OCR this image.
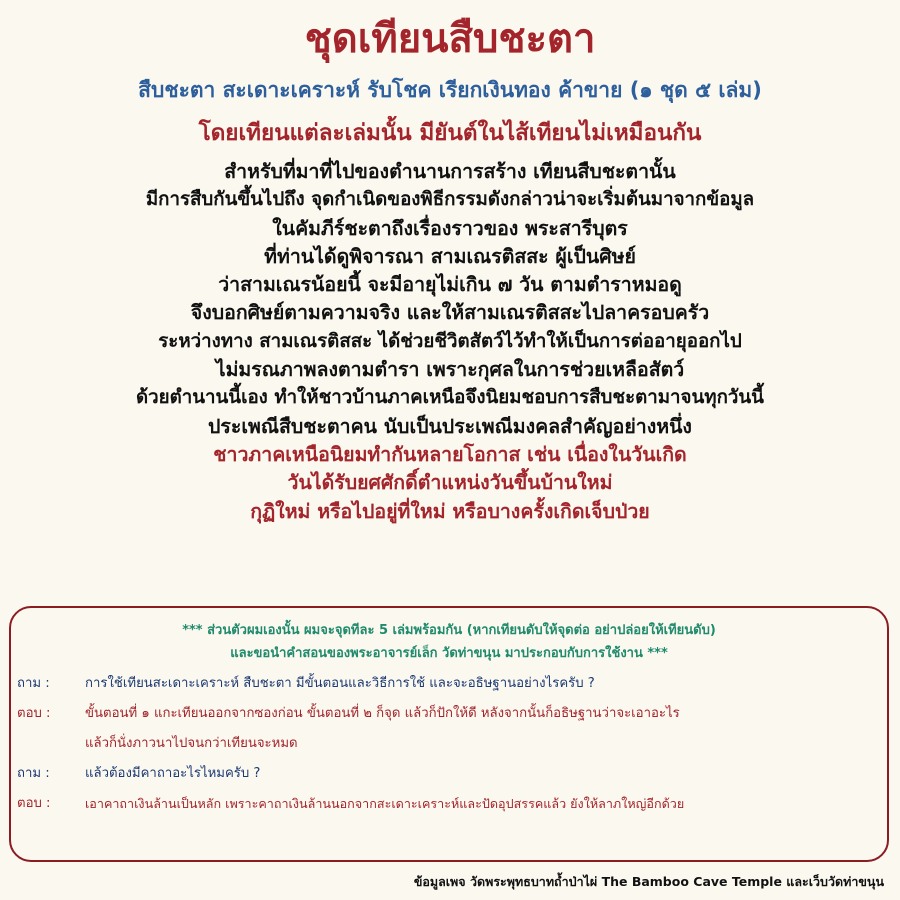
ชุดเทียนสืบชะตา
สืบชะตา สะเดาะเคราะห์ รับโชค เรียกเงินทอง ค้าขาย (๑ ชุด ๕ เล่ม)
โดยเทียนแต่ละเล่มนั้น มียันต์ในไส้เทียนไม่เหมือนกัน
สำหรับที่มาที่ไปของตำนานการสร้าง เทียนสืบชะตานั้น
มีการสืบกันขึ้นไปถึง จุดกำเนิดของพิธีกรรมดังกล่าวน่าจะเริ่มต้นมาจากข้อมูล
ในคัมภีร์ชะตาถึงเรื่องราวของ พระสารีบุตร
ที่ท่านได้ดูพิจารณา สามเณรติสสะ ผู้เป็นศิษย์
ว่าสามเณรน้อยนี้ จะมีอายุไม่เกิน ๗ วัน ตามตำราหมอดู
จึงบอกศิษย์ตามความจริง และให้สามเณรติสสะไปลาครอบครัว
ระหว่างทาง สามเณรติสสะ ได้ช่วยชีวิตสัตว์ไว้ทำให้เป็นการต่ออายุออกไป
ไม่มรณภาพลงตามตำรา เพราะกุศลในการช่วยเหลือสัตว์
ด้วยตำนานนี้เอง ทำให้ชาวบ้านภาคเหนือจึงนิยมชอบการสืบชะตามาจนทุกวันนี้
ประเพณีสืบชะตาคน นับเป็นประเพณีมงคลสำคัญอย่างหนึ่ง
ชาวภาคเหนือนิยมทำกันหลายโอกาส เช่น เนื่องในวันเกิด
วันได้รับยศศักดิ์ตำแหน่งวันขึ้นบ้านใหม่
กุฏิใหม่ หรือไปอยู่ที่ใหม่ หรือบางครั้งเกิดเจ็บป่วย
*** ส่วนตัวผมเองนั้น ผมจะจุดทีละ 5 เล่มพร้อมกัน (หากเทียนดับให้จุดต่อ อย่าปล่อยให้เทียนดับ)
และขอนำคำสอนของพระอาจารย์เล็ก วัดท่าขนุน มาประกอบกับการใช้งาน ***
ถาม :	การใช้เทียนสะเดาะเคราะห์ สืบชะตา มีขั้นตอนและวิธีการใช้ และจะอธิษฐานอย่างไรครับ ?
ตอบ :	ขั้นตอนที่ ๑ แกะเทียนออกจากซองก่อน ขั้นตอนที่ ๒ ก็จุด แล้วก็ปักให้ดี หลังจากนั้นก็อธิษฐานว่าจะเอาอะไร
แล้วก็นั่งภาวนาไปจนกว่าเทียนจะหมด
ถาม :	แล้วต้องมีคาถาอะไรไหมครับ ?
ตอบ :	เอาคาถาเงินล้านเป็นหลัก เพราะคาถาเงินล้านนอกจากสะเดาะเคราะห์และปัดอุปสรรคแล้ว ยังให้ลาภใหญ่อีกด้วย
ข้อมูลเพจ วัดพระพุทธบาทถ้ำป่าไผ่ The Bamboo Cave Temple และเว็บวัดท่าขนุน
